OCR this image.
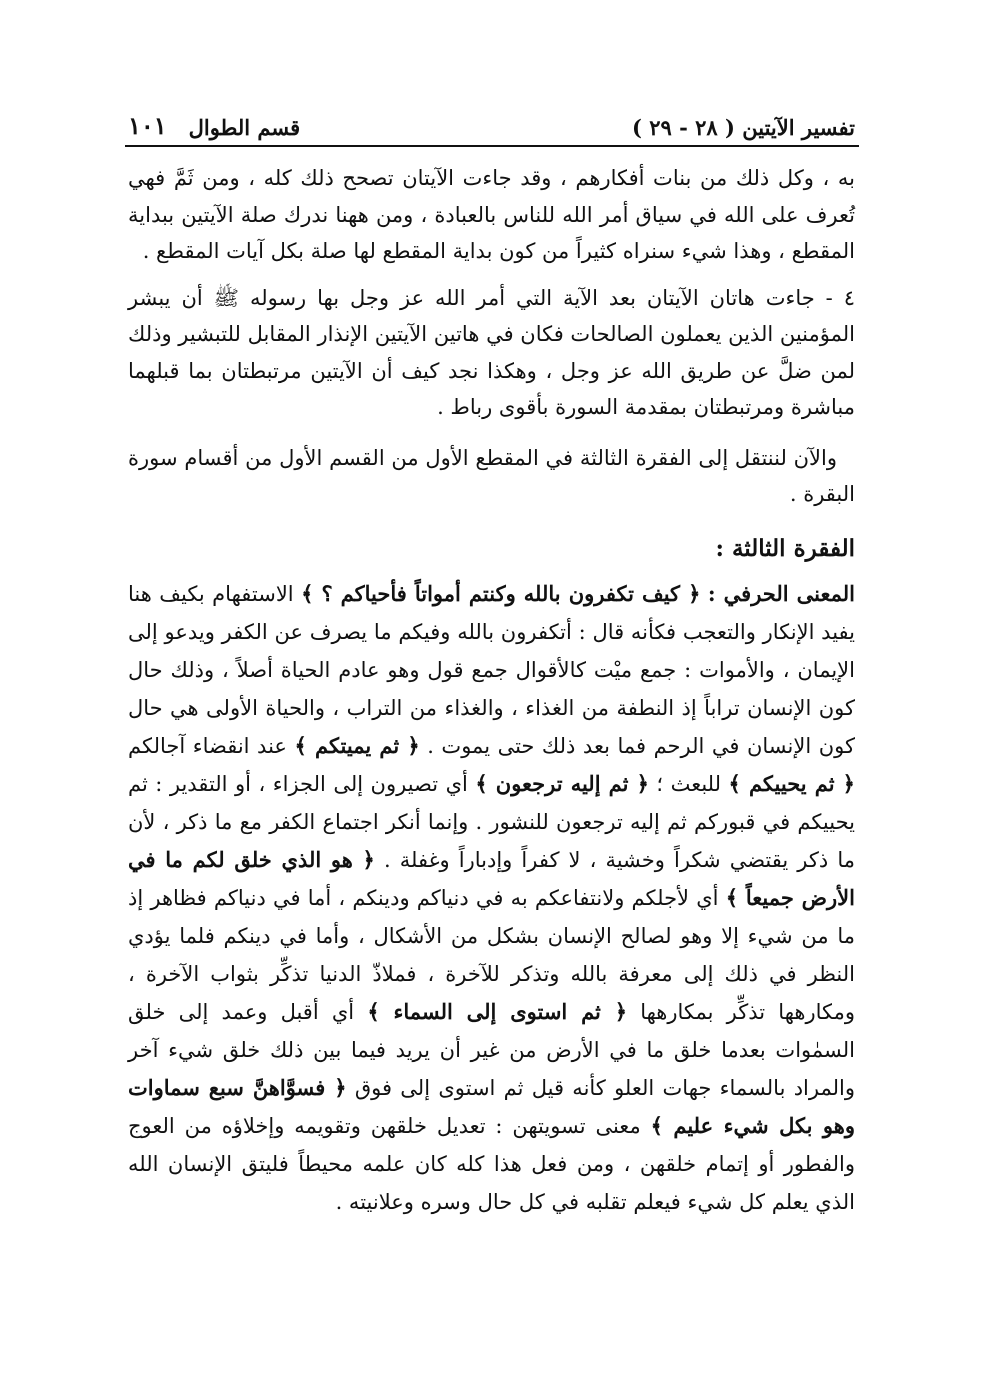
تفسير الآيتين ( ٢٨ - ٢٩ )
قسم الطوال
١٠١

به ، وكل ذلك من بنات أفكارهم ، وقد جاءت الآيتان تصحح ذلك كله ، ومن ثَمَّ فهي تُعرف على الله في سياق أمر الله للناس بالعبادة ، ومن ههنا ندرك صلة الآيتين ببداية المقطع ، وهذا شيء سنراه كثيراً من كون بداية المقطع لها صلة بكل آيات المقطع .

٤ - جاءت هاتان الآيتان بعد الآية التي أمر الله عز وجل بها رسوله ﷺ أن يبشر المؤمنين الذين يعملون الصالحات فكان في هاتين الآيتين الإنذار المقابل للتبشير وذلك لمن ضلَّ عن طريق الله عز وجل ، وهكذا نجد كيف أن الآيتين مرتبطتان بما قبلهما مباشرة ومرتبطتان بمقدمة السورة بأقوى رباط .

والآن لننتقل إلى الفقرة الثالثة في المقطع الأول من القسم الأول من أقسام سورة البقرة .

الفقرة الثالثة :

المعنى الحرفي : ﴿ كيف تكفرون بالله وكنتم أمواتاً فأحياكم ؟ ﴾ الاستفهام بكيف هنا يفيد الإنكار والتعجب فكأنه قال : أتكفرون بالله وفيكم ما يصرف عن الكفر ويدعو إلى الإيمان ، والأموات : جمع ميْت كالأقوال جمع قول وهو عادم الحياة أصلاً ، وذلك حال كون الإنسان تراباً إذ النطفة من الغذاء ، والغذاء من التراب ، والحياة الأولى هي حال كون الإنسان في الرحم فما بعد ذلك حتى يموت . ﴿ ثم يميتكم ﴾ عند انقضاء آجالكم ﴿ ثم يحييكم ﴾ للبعث ؛ ﴿ ثم إليه ترجعون ﴾ أي تصيرون إلى الجزاء ، أو التقدير : ثم يحييكم في قبوركم ثم إليه ترجعون للنشور . وإنما أنكر اجتماع الكفر مع ما ذكر ، لأن ما ذكر يقتضي شكراً وخشية ، لا كفراً وإدباراً وغفلة . ﴿ هو الذي خلق لكم ما في الأرض جميعاً ﴾ أي لأجلكم ولانتفاعكم به في دنياكم ودينكم ، أما في دنياكم فظاهر إذ ما من شيء إلا وهو لصالح الإنسان بشكل من الأشكال ، وأما في دينكم فلما يؤدي النظر في ذلك إلى معرفة بالله وتذكر للآخرة ، فملاذّ الدنيا تذكِّر بثواب الآخرة ، ومكارهها تذكِّر بمكارهها ﴿ ثم استوى إلى السماء ﴾ أي أقبل وعمد إلى خلق السمٰوات بعدما خلق ما في الأرض من غير أن يريد فيما بين ذلك خلق شيء آخر والمراد بالسماء جهات العلو كأنه قيل ثم استوى إلى فوق ﴿ فسوَّاهنَّ سبع سماوات وهو بكل شيء عليم ﴾ معنى تسويتهن : تعديل خلقهن وتقويمه وإخلاؤه من العوج والفطور أو إتمام خلقهن ، ومن فعل هذا كله كان علمه محيطاً فليتق الإنسان الله الذي يعلم كل شيء فيعلم تقلبه في كل حال وسره وعلانيته .
